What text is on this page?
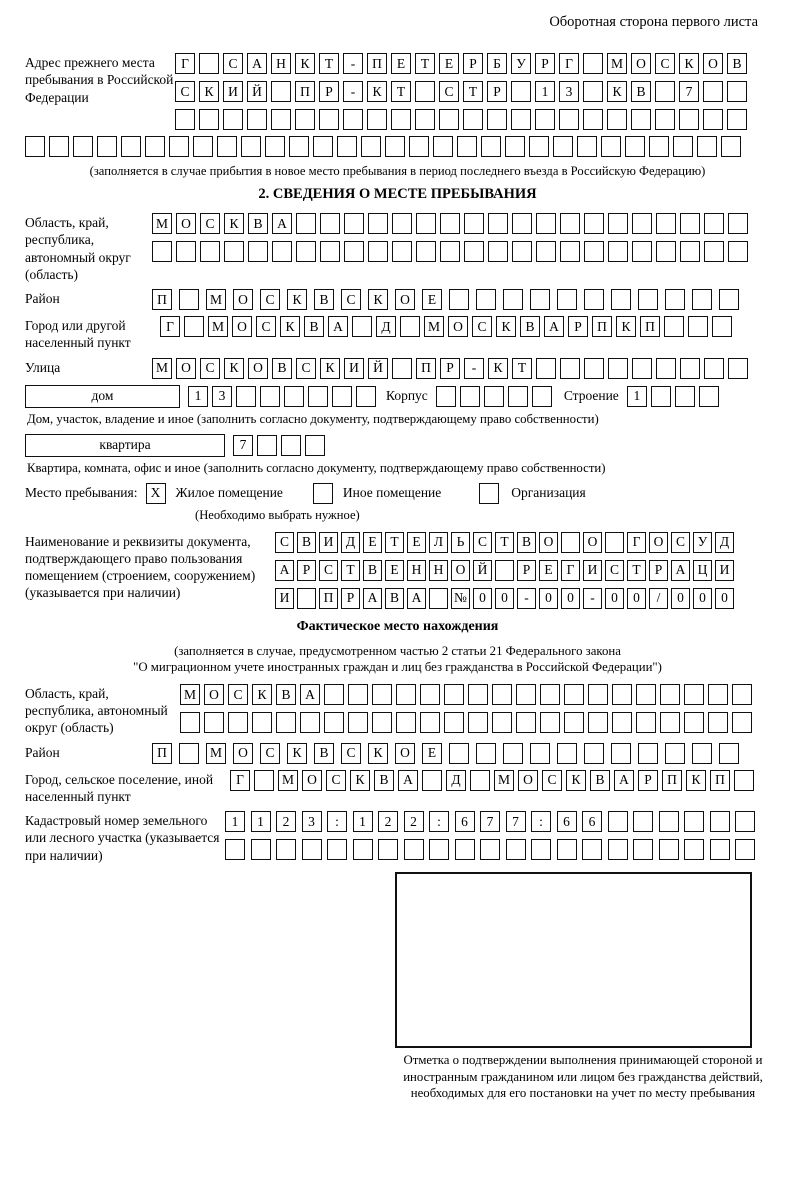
Оборотная сторона первого листа
Адрес прежнего места пребывания в Российской Федерации
Г	С	А	Н	К	Т	-	П	Е	Т	Е	Р	Б	У	Р	Г	М О	С	К	О	В
С	К	И	Й	П	Р	-	К	Т	С	Т	Р	1	3	К	В	7
(заполняется в случае прибытия в новое место пребывания в период последнего въезда в Российскую Федерацию)
2. СВЕДЕНИЯ О МЕСТЕ ПРЕБЫВАНИЯ
Область, край, республика, автономный округ (область)
М О	С	К	В	А
Район	П	М	О	С	К	В	С	К	О	Е
Город или другой населенный пункт
Г	М О	С	К	В	А	Д	М О	С	К	В	А	Р	П	К	П
Улица	М О	С	К	О	В	С	К	И	Й	П	Р	-	К	Т
дом	1	3	Корпус	Строение	1
Дом, участок, владение и иное (заполнить согласно документу, подтверждающему право собственности)
квартира	7
Квартира, комната, офис и иное (заполнить согласно документу, подтверждающему право собственности)
Место пребывания: X	Жилое помещение	Иное помещение	Организация
(Необходимо выбрать нужное)
Наименование и реквизиты документа, подтверждающего право пользования помещением (строением, сооружением) (указывается при наличии)
С В И Д Е	Т	Е Л	Ь	С Т В О	О	Г О С У Д
А Р	С Т В Е Н Н О Й	Р	Е	Г И С Т	Р А Ц И
И	П Р А В А	№ 0	0	-	0	0	-	0	0	/	0	0	0
Фактическое место нахождения
(заполняется в случае, предусмотренном частью 2 статьи 21 Федерального закона
"О миграционном учете иностранных граждан и лиц без гражданства в Российской Федерации")
Область, край, республика, автономный округ (область)
М О	С	К	В	А
Район	П	М	О	С	К	В	С	К	О	Е
Город, сельское поселение, иной населенный пункт
Г	М О	С	К	В	А	Д	М О	С	К	В	А	Р	П	К	П
Кадастровый номер земельного или лесного участка (указывается при наличии)
1	1	2	3	:	1	2	2	:	6	7	7	:	6	6
Отметка о подтверждении выполнения принимающей стороной и иностранным гражданином или лицом без гражданства действий, необходимых для его постановки на учет по месту пребывания
